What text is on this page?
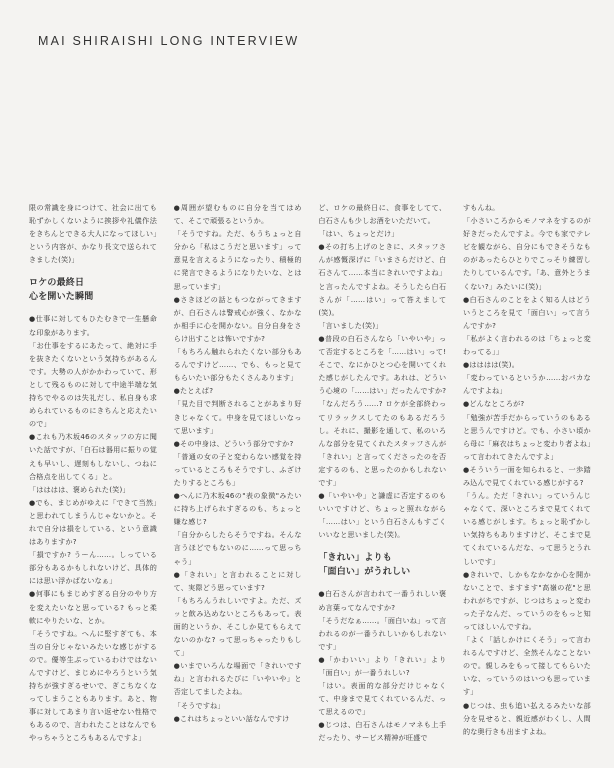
MAI SHIRAISHI LONG INTERVIEW

限の常識を身につけて、社会に出ても恥ずかしくないように挨拶や礼儀作法をきちんとできる大人になってほしい」という内容が、かなり長文で送られてきました(笑)」

ロケの最終日
心を開いた瞬間

●仕事に対してもひたむきで一生懸命な印象があります。

「お仕事をするにあたって、絶対に手を抜きたくないという気持ちがあるんです。大勢の人がかかわっていて、形として残るものに対して中途半端な気持ちでやるのは失礼だし、私自身も求められているものにきちんと応えたいので」

●これも乃木坂46のスタッフの方に聞いた話ですが、「白石は器用に振りの覚えも早いし、遅刻もしないし、つねに合格点を出してくる」と。

「はははは、褒められた(笑)」

●でも、まじめがゆえに「できて当然」と思われてしまうんじゃないかと。それで自分は損をしている、という意識はありますか?

「損ですか? うーん……。しっている部分もあるかもしれないけど、具体的には思い浮かばないなぁ」

●何事にもまじめすぎる自分のやり方を変えたいなと思っている? もっと柔軟にやりたいな、とか。

「そうですね。へんに堅すぎても、本当の自分じゃないみたいな感じがするので。優等生ぶっているわけではないんですけど、まじめにやろうという気持ちが強すぎるせいで、ぎこちなくなってしまうこともあります。あと、物事に対してあまり言い返せない性格でもあるので、言われたことはなんでもやっちゃうところもあるんですよ」

●周囲が望むものに自分を当てはめて、そこで頑張るというか。

「そうですね。ただ、もうちょっと自分から「私はこうだと思います」って意見を言えるようになったり、積極的に発言できるようになりたいな、とは思っています」

●さきほどの話ともつながってきますが、白石さんは警戒心が強く、なかなか相手に心を開かない。自分自身をさらけ出すことは怖いですか?

「もちろん触れられたくない部分もあるんですけど……、でも、もっと見てもらいたい部分もたくさんあります」

●たとえば?

「見た目で判断されることがあまり好きじゃなくて。中身を見てほしいなって思います」

●その中身は、どういう部分ですか?

「普通の女の子と変わらない感覚を持っているところもそうですし、ふざけたりするところも」

●へんに乃木坂46の"表の象徴"みたいに持ち上げられすぎるのも、ちょっと嫌な感じ?

「自分からしたらそうですね。そんな言うほどでもないのに……って思っちゃう」

●「きれい」と言われることに対して、実際どう思っています?

「もちろんうれしいですよ。ただ、ズッと飲み込めないところもあって。表面的というか、そこしか見てもらえてないのかな? って思っちゃったりもして」

●いまでいろんな場面で「きれいですね」と言われるたびに「いやいや」と否定してましたよね。

「そうですね」

●これはちょっといい話なんですけ

ど、ロケの最終日に、食事をしてて、白石さんも少しお酒をいただいて。

「はい、ちょっとだけ」

●その打ち上げのときに、スタッフさんが感慨深げに「いまさらだけど、白石さんて……本当にきれいですよね」と言ったんですよね。そうしたら白石さんが「……はい」って答えまして(笑)。

「言いました(笑)」

●普段の白石さんなら「いやいや」って否定するところを「……はい」って! そこで、なにかひとつ心を開いてくれた感じがしたんです。あれは、どういう心境の「……はい」だったんですか?

「なんだろう……? ロケが全部終わってリラックスしてたのもあるだろうし。それに、撮影を通して、私のいろんな部分を見てくれたスタッフさんが「きれい」と言ってくださったのを否定するのも、と思ったのかもしれないです」

●「いやいや」と謙虚に否定するのもいいですけど、ちょっと照れながら「……はい」という白石さんもすごくいいなと思いました(笑)。

「きれい」よりも
「面白い」がうれしい

●白石さんが言われて一番うれしい褒め言葉ってなんですか?

「そうだなぁ……。「面白いね」って言われるのが一番うれしいかもしれないです」

●「かわいい」より「きれい」より「面白い」が一番うれしい?

「はい。表面的な部分だけじゃなくて、中身まで見てくれているんだ、って思えるので」

●じつは、白石さんはモノマネも上手だったり、サービス精神が旺盛で

すもんね。

「小さいころからモノマネをするのが好きだったんですよ。今でも家でテレビを観ながら、自分にもできそうなものがあったらひとりでこっそり練習したりしているんです。「あ、意外とうまくない?」みたいに(笑)」

●白石さんのことをよく知る人はどういうところを見て「面白い」って言うんですか?

「私がよく言われるのは「ちょっと変わってる」」

●はははは(笑)。

「変わっているというか……おバカなんですよね」

●どんなところが?

「勉強が苦手だからっていうのもあると思うんですけど。でも、小さい頃から母に「麻衣はちょっと変わり者よね」って言われてきたんですよ」

●そういう一面を知られると、一歩踏み込んで見てくれている感じがする?

「うん。ただ「きれい」っていうんじゃなくて、深いところまで見てくれている感じがします。ちょっと恥ずかしい気持ちもありますけど、そこまで見てくれているんだな、って思うとうれしいです」

●きれいで、しかもなかなか心を開かないことで、ますます"高嶺の花"と思われがちですが、じつはちょっと変わった子なんだ、っていうのをもっと知ってほしいんですね。

「よく「話しかけにくそう」って言われるんですけど、全然そんなことないので。親しみをもって接してもらいたいな、っていうのはいつも思っています」

●じつは、虫も追い払えるみたいな部分を見せると、親近感がわくし、人間的な奥行きも出ますよね。
